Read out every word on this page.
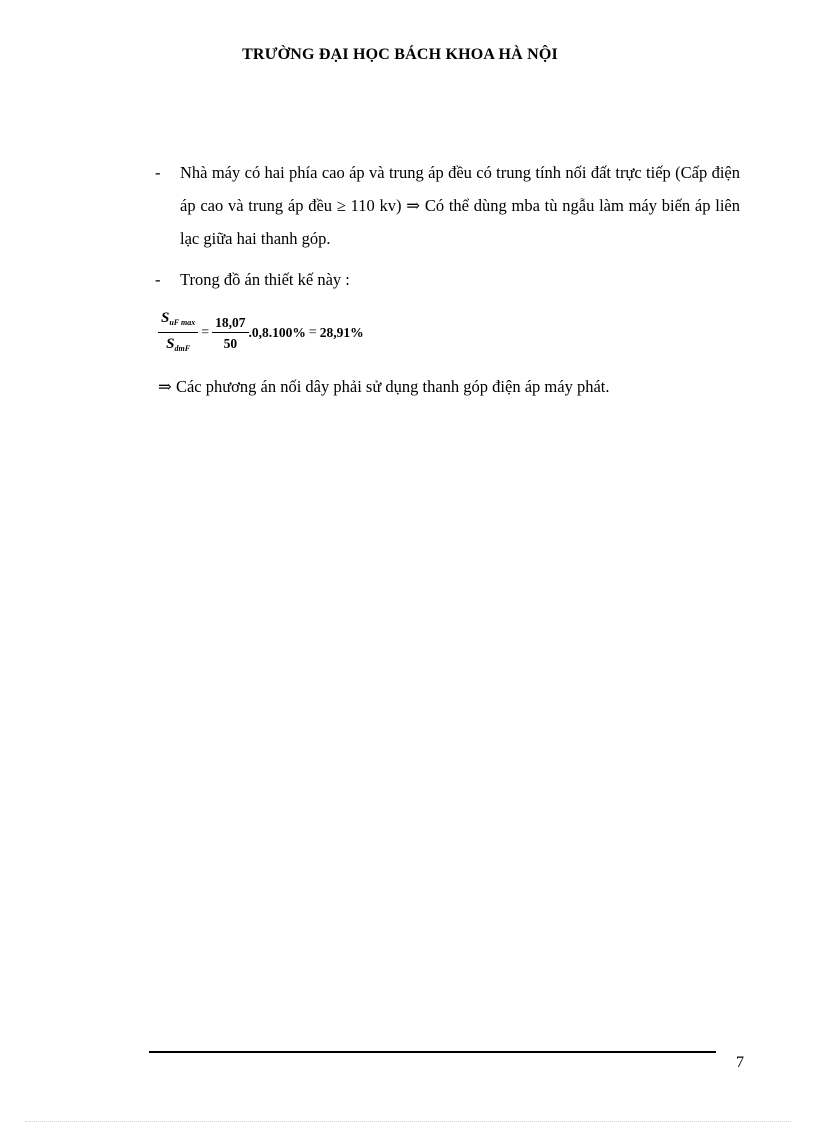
TRƯỜNG ĐẠI HỌC BÁCH KHOA HÀ NỘI
- Nhà máy có hai phía cao áp và trung áp đều có trung tính nối đất trực tiếp (Cấp điện áp cao và trung áp đều ≥ 110 kv) ⇒ Có thể dùng mba tù ngẫu làm máy biến áp liên lạc giữa hai thanh góp.
- Trong đồ án thiết kế này :
$\frac{S_{uF max}}{S_{dmF}} = \frac{18,07}{50} .0,8.100\% = 28,91\%$
⇒ Các phương án nối dây phải sử dụng thanh góp điện áp máy phát.
7
